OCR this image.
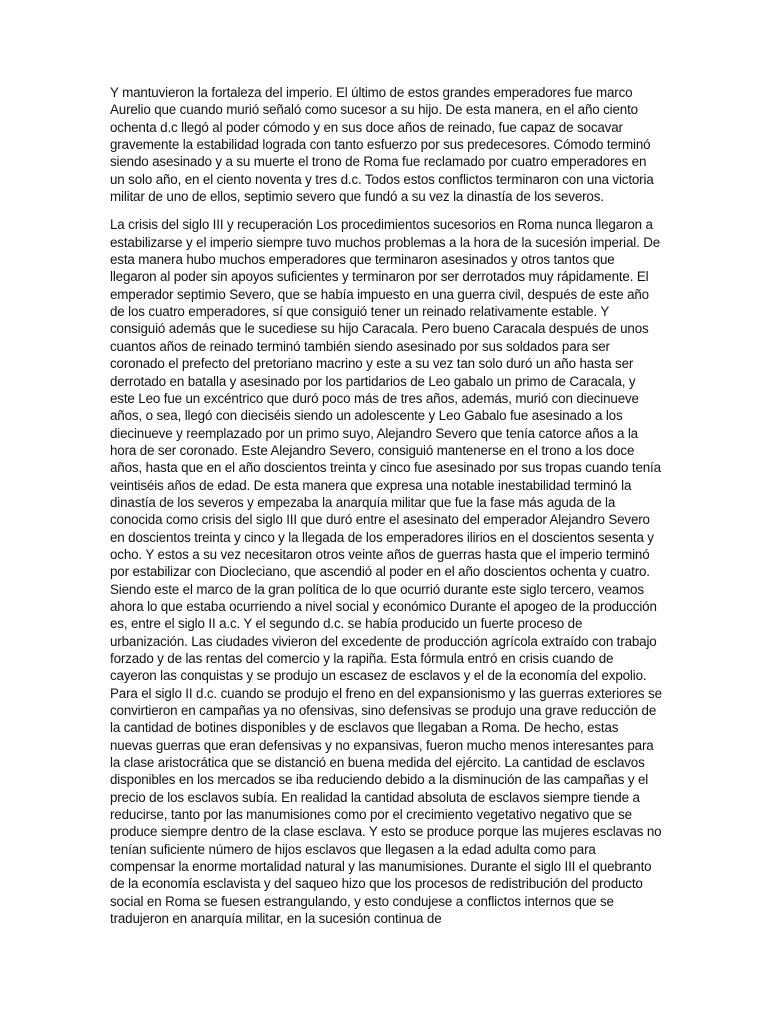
Y mantuvieron la fortaleza del imperio. El último de estos grandes emperadores fue marco Aurelio que cuando murió señaló como sucesor a su hijo. De esta manera, en el año ciento ochenta d.c llegó al poder cómodo y en sus doce años de reinado, fue capaz de socavar gravemente la estabilidad lograda con tanto esfuerzo por sus predecesores. Cómodo terminó siendo asesinado y a su muerte el trono de Roma fue reclamado por cuatro emperadores en un solo año, en el ciento noventa y tres d.c. Todos estos conflictos terminaron con una victoria militar de uno de ellos, septimio severo que fundó a su vez la dinastía de los severos.

La crisis del siglo III y recuperación Los procedimientos sucesorios en Roma nunca llegaron a estabilizarse y el imperio siempre tuvo muchos problemas a la hora de la sucesión imperial. De esta manera hubo muchos emperadores que terminaron asesinados y otros tantos que llegaron al poder sin apoyos suficientes y terminaron por ser derrotados muy rápidamente. El emperador septimio Severo, que se había impuesto en una guerra civil, después de este año de los cuatro emperadores, sí que consiguió tener un reinado relativamente estable. Y consiguió además que le sucediese su hijo Caracala. Pero bueno Caracala después de unos cuantos años de reinado terminó también siendo asesinado por sus soldados para ser coronado el prefecto del pretoriano macrino y este a su vez tan solo duró un año hasta ser derrotado en batalla y asesinado por los partidarios de Leo gabalo un primo de Caracala, y este Leo fue un excéntrico que duró poco más de tres años, además, murió con diecinueve años, o sea, llegó con dieciséis siendo un adolescente y Leo Gabalo fue asesinado a los diecinueve y reemplazado por un primo suyo, Alejandro Severo que tenía catorce años a la hora de ser coronado. Este Alejandro Severo, consiguió mantenerse en el trono a los doce años, hasta que en el año doscientos treinta y cinco fue asesinado por sus tropas cuando tenía veintiséis años de edad. De esta manera que expresa una notable inestabilidad terminó la dinastía de los severos y empezaba la anarquía militar que fue la fase más aguda de la conocida como crisis del siglo III que duró entre el asesinato del emperador Alejandro Severo en doscientos treinta y cinco y la llegada de los emperadores ilirios en el doscientos sesenta y ocho. Y estos a su vez necesitaron otros veinte años de guerras hasta que el imperio terminó por estabilizar con Diocleciano, que ascendió al poder en el año doscientos ochenta y cuatro. Siendo este el marco de la gran política de lo que ocurrió durante este siglo tercero, veamos ahora lo que estaba ocurriendo a nivel social y económico Durante el apogeo de la producción es, entre el siglo II a.c. Y el segundo d.c. se había producido un fuerte proceso de urbanización. Las ciudades vivieron del excedente de producción agrícola extraído con trabajo forzado y de las rentas del comercio y la rapiña. Esta fórmula entró en crisis cuando de cayeron las conquistas y se produjo un escasez de esclavos y el de la economía del expolio. Para el siglo II d.c. cuando se produjo el freno en del expansionismo y las guerras exteriores se convirtieron en campañas ya no ofensivas, sino defensivas se produjo una grave reducción de la cantidad de botines disponibles y de esclavos que llegaban a Roma. De hecho, estas nuevas guerras que eran defensivas y no expansivas, fueron mucho menos interesantes para la clase aristocrática que se distanció en buena medida del ejército. La cantidad de esclavos disponibles en los mercados se iba reduciendo debido a la disminución de las campañas y el precio de los esclavos subía. En realidad la cantidad absoluta de esclavos siempre tiende a reducirse, tanto por las manumisiones como por el crecimiento vegetativo negativo que se produce siempre dentro de la clase esclava. Y esto se produce porque las mujeres esclavas no tenían suficiente número de hijos esclavos que llegasen a la edad adulta como para compensar la enorme mortalidad natural y las manumisiones. Durante el siglo III el quebranto de la economía esclavista y del saqueo hizo que los procesos de redistribución del producto social en Roma se fuesen estrangulando, y esto condujese a conflictos internos que se tradujeron en anarquía militar, en la sucesión continua de
